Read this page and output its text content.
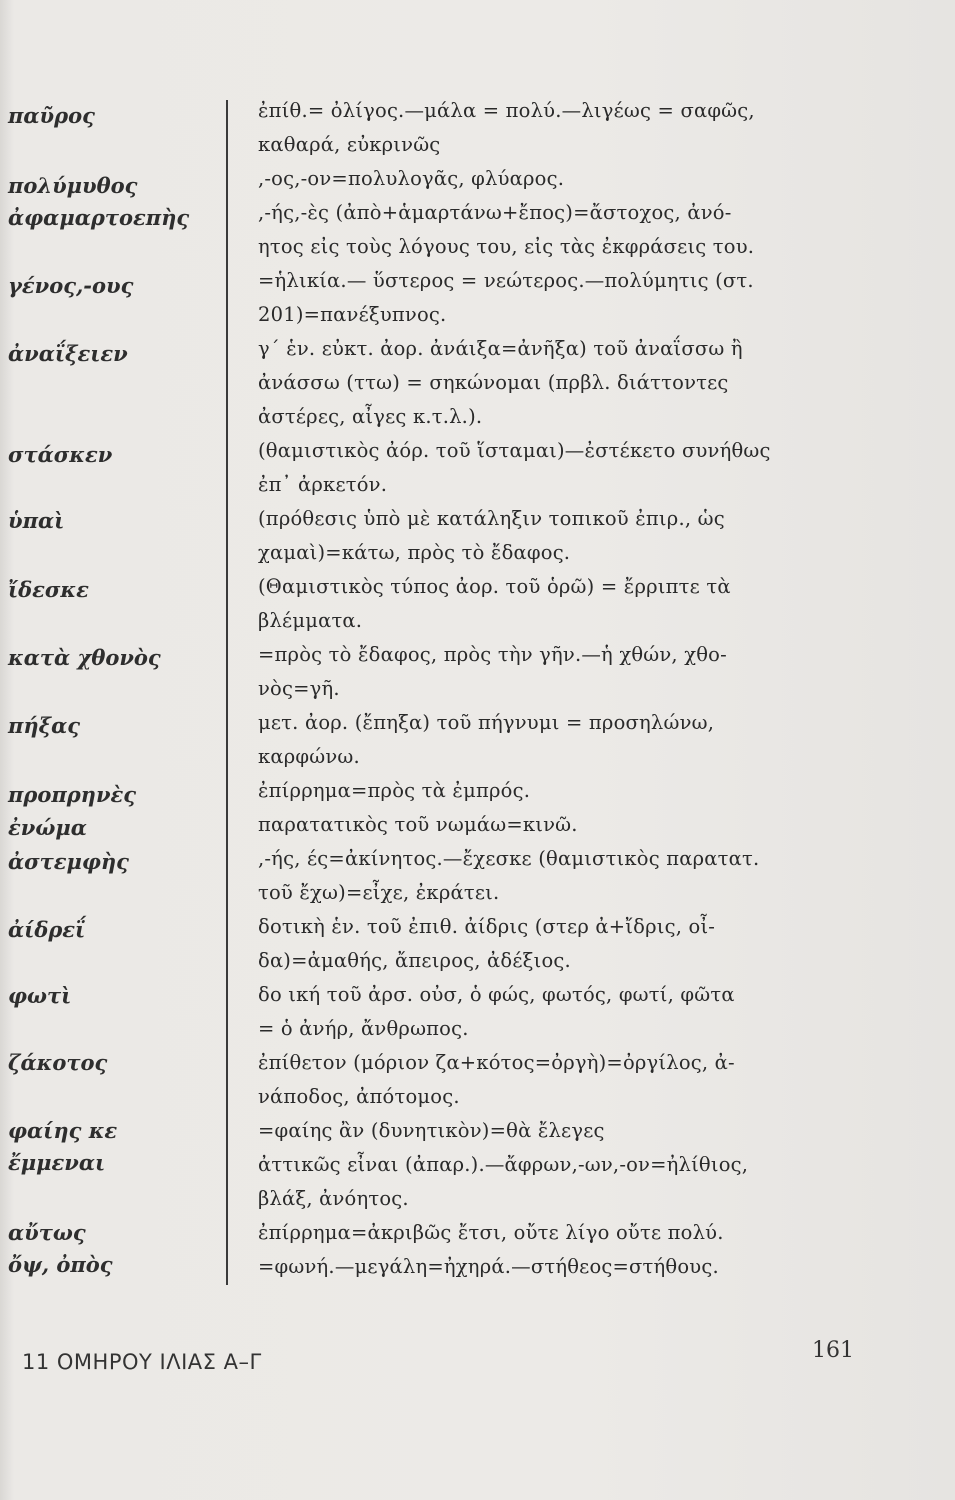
παῦρος
πολύμυθος
ἀφαμαρτοεπὴς
γένος,-ους
ἀναΐξειεν
στάσκεν
ὑπαὶ
ἴδεσκε
κατὰ χθονὸς
πήξας
προπρηνὲς
ἐνώμα
ἀστεμφὴς
ἀίδρεΐ
φωτὶ
ζάκοτος
φαίης κε
ἔμμεναι
αὔτως
ὄψ, ὀπὸς
ἐπίθ.= ὀλίγος.—μάλα = πολύ.—λιγέως = σαφῶς,
καθαρά, εὐκρινῶς
,-ος,-ον=πολυλογᾶς, φλύαρος.
,-ής,-ὲς (ἀπὸ+ἁμαρτάνω+ἔπος)=ἄστοχος, ἀνό-
ητος εἰς τοὺς λόγους του, εἰς τὰς ἐκφράσεις του.
=ἡλικία.— ὕστερος = νεώτερος.—πολύμητις (στ.
201)=πανέξυπνος.
γ΄ ἑν. εὐκτ. ἀορ. ἀνάιξα=ἀνῆξα) τοῦ ἀναΐσσω ἢ
ἀνάσσω (ττω) = σηκώνομαι (πρβλ. διάττοντες
ἀστέρες, αἶγες κ.τ.λ.).
(θαμιστικὸς ἀόρ. τοῦ ἵσταμαι)—ἐστέκετο συνήθως
ἐπ᾿ ἀρκετόν.
(πρόθεσις ὑπὸ μὲ κατάληξιν τοπικοῦ ἐπιρ., ὡς
χαμαὶ)=κάτω, πρὸς τὸ ἔδαφος.
(Θαμιστικὸς τύπος ἀορ. τοῦ ὁρῶ) = ἔρριπτε τὰ
βλέμματα.
=πρὸς τὸ ἔδαφος, πρὸς τὴν γῆν.—ἡ χθών, χθο-
νὸς=γῆ.
μετ. ἀορ. (ἔπηξα) τοῦ πήγνυμι = προσηλώνω,
καρφώνω.
ἐπίρρημα=πρὸς τὰ ἐμπρός.
παρατατικὸς τοῦ νωμάω=κινῶ.
,-ής, ές=ἀκίνητος.—ἔχεσκε (θαμιστικὸς παρατατ.
τοῦ ἔχω)=εἶχε, ἐκράτει.
δοτικὴ ἑν. τοῦ ἐπιθ. ἀίδρις (στερ ἀ+ἴδρις, οἶ-
δα)=ἀμαθής, ἄπειρος, ἀδέξιος.
δο ική τοῦ ἀρσ. οὐσ, ὁ φώς, φωτός, φωτί, φῶτα
= ὁ ἀνήρ, ἄνθρωπος.
ἐπίθετον (μόριον ζα+κότος=ὀργὴ)=ὀργίλος, ἀ-
νάποδος, ἀπότομος.
=φαίης ἂν (δυνητικὸν)=θὰ ἔλεγες
ἀττικῶς εἶναι (ἀπαρ.).—ἄφρων,-ων,-ον=ἠλίθιος,
βλάξ, ἀνόητος.
ἐπίρρημα=ἀκριβῶς ἔτσι, οὔτε λίγο οὔτε πολύ.
=φωνή.—μεγάλη=ἠχηρά.—στήθεος=στήθους.
11 ΟΜΗΡΟΥ ΙΛΙΑΣ Α–Γ	161
